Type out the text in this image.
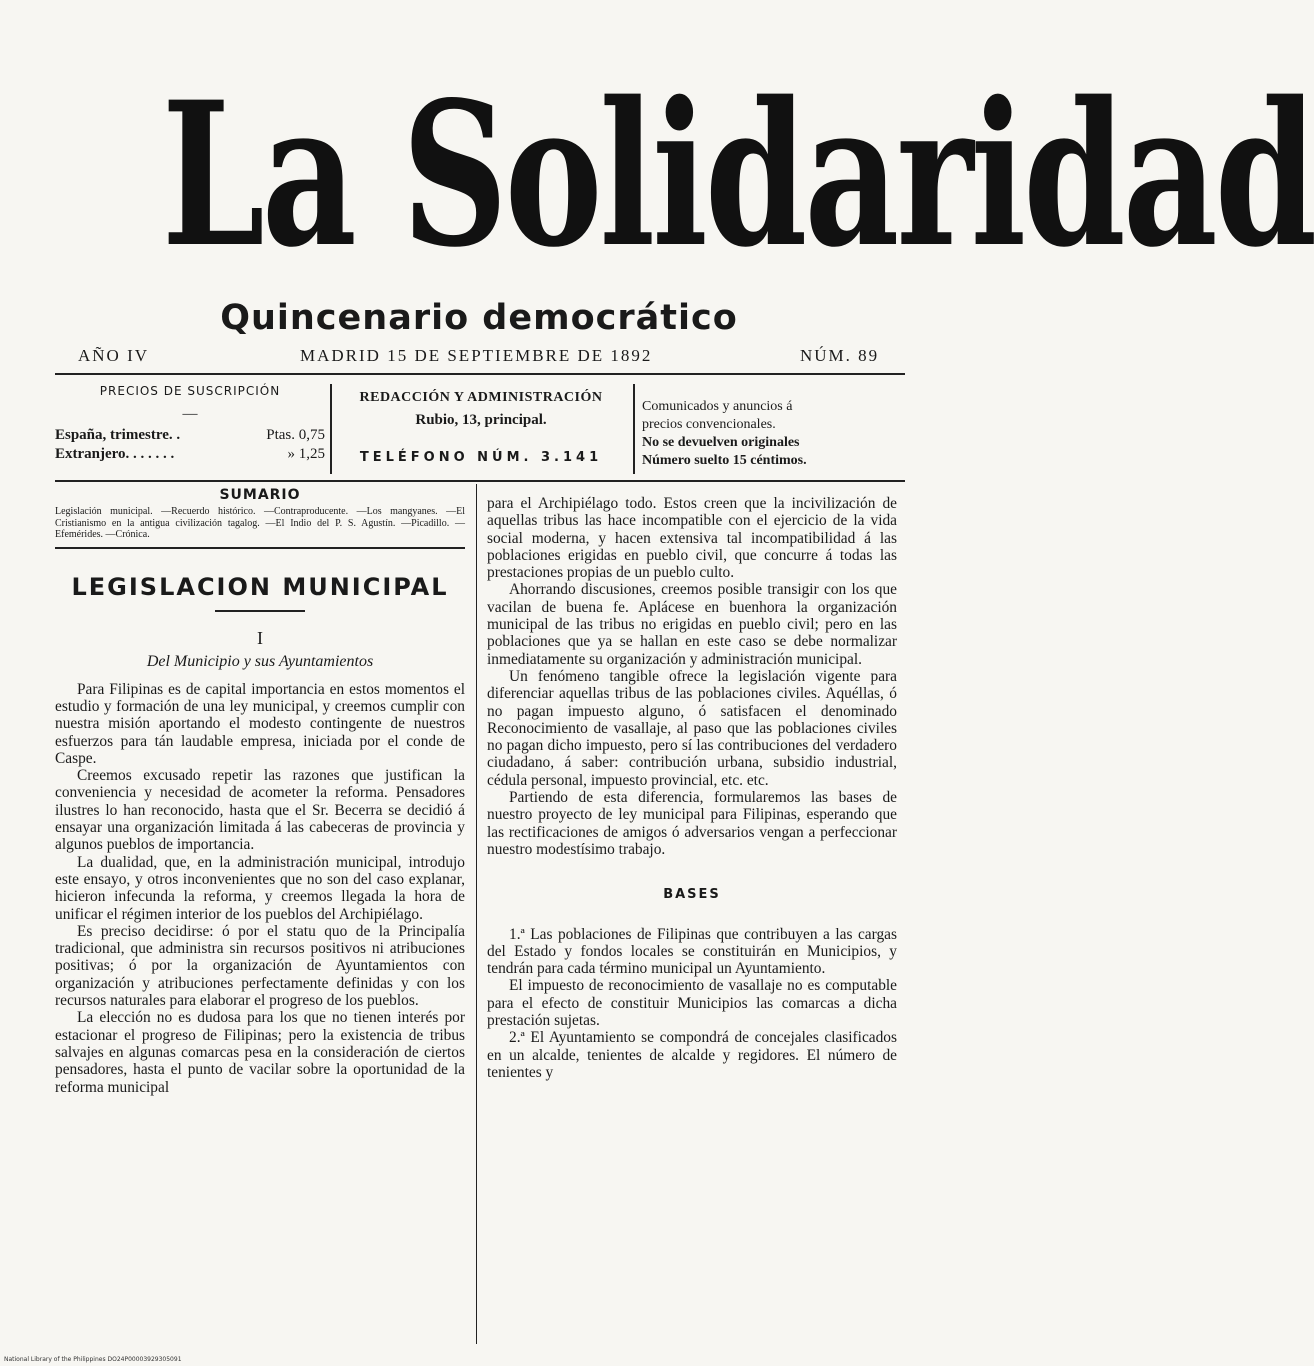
La Solidaridad
Quincenario democrático
AÑO IV	MADRID 15 DE SEPTIEMBRE DE 1892	NÚM. 89
PRECIOS DE SUSCRIPCIÓN
—
España, trimestre. .	Ptas. 0,75
Extranjero. . . . . . .	» 1,25
REDACCIÓN Y ADMINISTRACIÓN
Rubio, 13, principal.
TELÉFONO NÚM. 3.141
Comunicados y anuncios á
precios convencionales.
No se devuelven originales
Número suelto 15 céntimos.
SUMARIO
Legislación municipal. —Recuerdo histórico. —Contraproducente. —Los mangyanes. —El Cristianismo en la antigua civilización tagalog. —El Indio del P. S. Agustín. —Picadillo. —Efemérides. —Crónica.
LEGISLACION MUNICIPAL
I
Del Municipio y sus Ayuntamientos

Para Filipinas es de capital importancia en estos momentos el estudio y formación de una ley municipal, y creemos cumplir con nuestra misión aportando el modesto contingente de nuestros esfuerzos para tán laudable empresa, iniciada por el conde de Caspe.

Creemos excusado repetir las razones que justifican la conveniencia y necesidad de acometer la reforma. Pensadores ilustres lo han reconocido, hasta que el Sr. Becerra se decidió á ensayar una organización limitada á las cabeceras de provincia y algunos pueblos de importancia.

La dualidad, que, en la administración municipal, introdujo este ensayo, y otros inconvenientes que no son del caso explanar, hicieron infecunda la reforma, y creemos llegada la hora de unificar el régimen interior de los pueblos del Archipiélago.

Es preciso decidirse: ó por el statu quo de la Principalía tradicional, que administra sin recursos positivos ni atribuciones positivas; ó por la organización de Ayuntamientos con organización y atribuciones perfectamente definidas y con los recursos naturales para elaborar el progreso de los pueblos.

La elección no es dudosa para los que no tienen interés por estacionar el progreso de Filipinas; pero la existencia de tribus salvajes en algunas comarcas pesa en la consideración de ciertos pensadores, hasta el punto de vacilar sobre la oportunidad de la reforma municipal

para el Archipiélago todo. Estos creen que la incivilización de aquellas tribus las hace incompatible con el ejercicio de la vida social moderna, y hacen extensiva tal incompatibilidad á las poblaciones erigidas en pueblo civil, que concurre á todas las prestaciones propias de un pueblo culto.

Ahorrando discusiones, creemos posible transigir con los que vacilan de buena fe. Aplácese en buenhora la organización municipal de las tribus no erigidas en pueblo civil; pero en las poblaciones que ya se hallan en este caso se debe normalizar inmediatamente su organización y administración municipal.

Un fenómeno tangible ofrece la legislación vigente para diferenciar aquellas tribus de las poblaciones civiles. Aquéllas, ó no pagan impuesto alguno, ó satisfacen el denominado Reconocimiento de vasallaje, al paso que las poblaciones civiles no pagan dicho impuesto, pero sí las contribuciones del verdadero ciudadano, á saber: contribución urbana, subsidio industrial, cédula personal, impuesto provincial, etc. etc.

Partiendo de esta diferencia, formularemos las bases de nuestro proyecto de ley municipal para Filipinas, esperando que las rectificaciones de amigos ó adversarios vengan a perfeccionar nuestro modestísimo trabajo.

BASES

1.ª Las poblaciones de Filipinas que contribuyen a las cargas del Estado y fondos locales se constituirán en Municipios, y tendrán para cada término municipal un Ayuntamiento.

El impuesto de reconocimiento de vasallaje no es computable para el efecto de constituir Municipios las comarcas a dicha prestación sujetas.

2.ª El Ayuntamiento se compondrá de concejales clasificados en un alcalde, tenientes de alcalde y regidores. El número de tenientes y

National Library of the Philippines DO24P00003929305091
